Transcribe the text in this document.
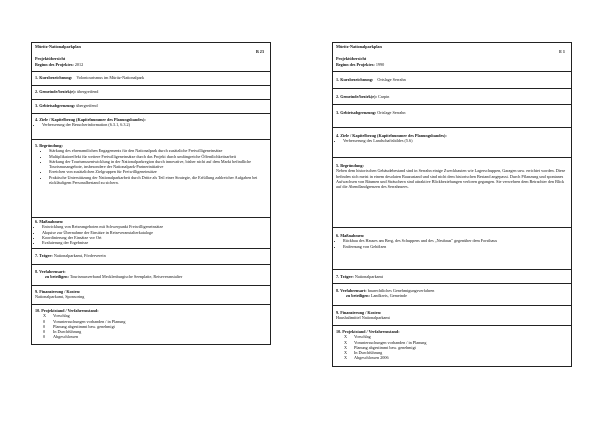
Müritz-Nationalparkplan
B 23
Projektübersicht
Beginn des Projektes: 2012
1. Kurzbezeichnung: Volontourismus im Müritz-Nationalpark
2. Gemeinde/bezirk(e): übergreifend
3. Gebietsabgrenzung: übergreifend
4. Ziele / Kapitelbezug (Kapitelnummer des Planungsbandes):
• Verbesserung der Besucherinformation (6.3.1, 6.3.2)
5. Begründung:
• Stärkung des ehrenamtlichen Engagements für den Nationalpark durch zusätzliche Freiwilligeneinsätze
• Multiplikatoreffekt für weitere Freiwilligeneinsätze durch das Projekt durch umfängreiche Öffentlichkeitsarbeit
• Stärkung der Tourismusentwicklung in der Nationalparkregion durch innovative, bisher nicht auf dem Markt befindliche Tourismusangebote, insbesondere der Nationalpark-Partnerinitiative
• Erreichen von zusätzlichen Zielgruppen für Freiwilligeneinsätze
• Praktische Unterstützung der Nationalparkarbeit durch Dritte als Teil einer Strategie, die Erfüllung zahlreicher Aufgaben bei rückläufigem Personalbestand zu sichern.
6. Maßnahmen:
• Entwicklung von Reiseangeboten mit Schwerpunkt Freiwilligeneinsätze
• Akquise zur Übernahme der Einsätze in Reiseveranstalterkataloge
• Koordinierung der Einsätze vor Ort
• Evaluierung der Ergebnisse
7. Träger: Nationalparkamt, Förderverein
8. Verfahrensart:
zu beteiligen: Tourismusverband Mecklenburgische Seenplatte, Reiseveranstalter
9. Finanzierung / Kosten:
Nationalparkamt, Sponsoring
10. Projektstand / Verfahrensstand:
X	Vorschlag
0	Voruntersuchungen vorhanden / in Planung
0	Planung abgestimmt bzw. genehmigt
0	In Durchführung
0	Abgeschlossen
Müritz-Nationalparkplan
E 1
Projektübersicht
Beginn des Projektes: 1990
1. Kurzbezeichnung: Ortslage Serrahn
2. Gemeinde/bezirk(e): Carpin
3. Gebietsabgrenzung: Ortslage Serrahn
4. Ziele / Kapitelbezug (Kapitelnummer des Planungsbandes):
• Verbesserung des Landschaftsbildes (5.6)
5. Begründung:
Neben dem historischen Gebäudebestand sind in Serrahn einige Zweckbauten wie Lagerschuppen, Garagen usw. errichtet worden. Diese befinden sich meist in einem desolaten Bauzustand und sind nicht dem historischen Bestand angepasst. Durch Pflanzung und spontanes Aufwachsen von Bäumen und Sträuchern sind attraktive Blickbeziehungen verloren gegangen. Sie verwehren dem Betrachter den Blick auf die Abendlandgrenzen des Serrahnsees.
6. Maßnahmen:
• Rückbau des Hauses am Berg, des Schuppens und des „Neubaus" gegenüber dem Forsthaus
• Entfernung von Gehölzen
7. Träger: Nationalparkamt
8. Verfahrensart: baurechtliches Genehmigungsverfahren
zu beteiligen: Landkreis, Gemeinde
9. Finanzierung / Kosten:
Haushaltmittel Nationalparkamt
10. Projektstand / Verfahrensstand:
X	Vorschlag
X	Voruntersuchungen vorhanden / in Planung
X	Planung abgestimmt bzw. genehmigt
X	In Durchführung
X	Abgeschlossen 2006
